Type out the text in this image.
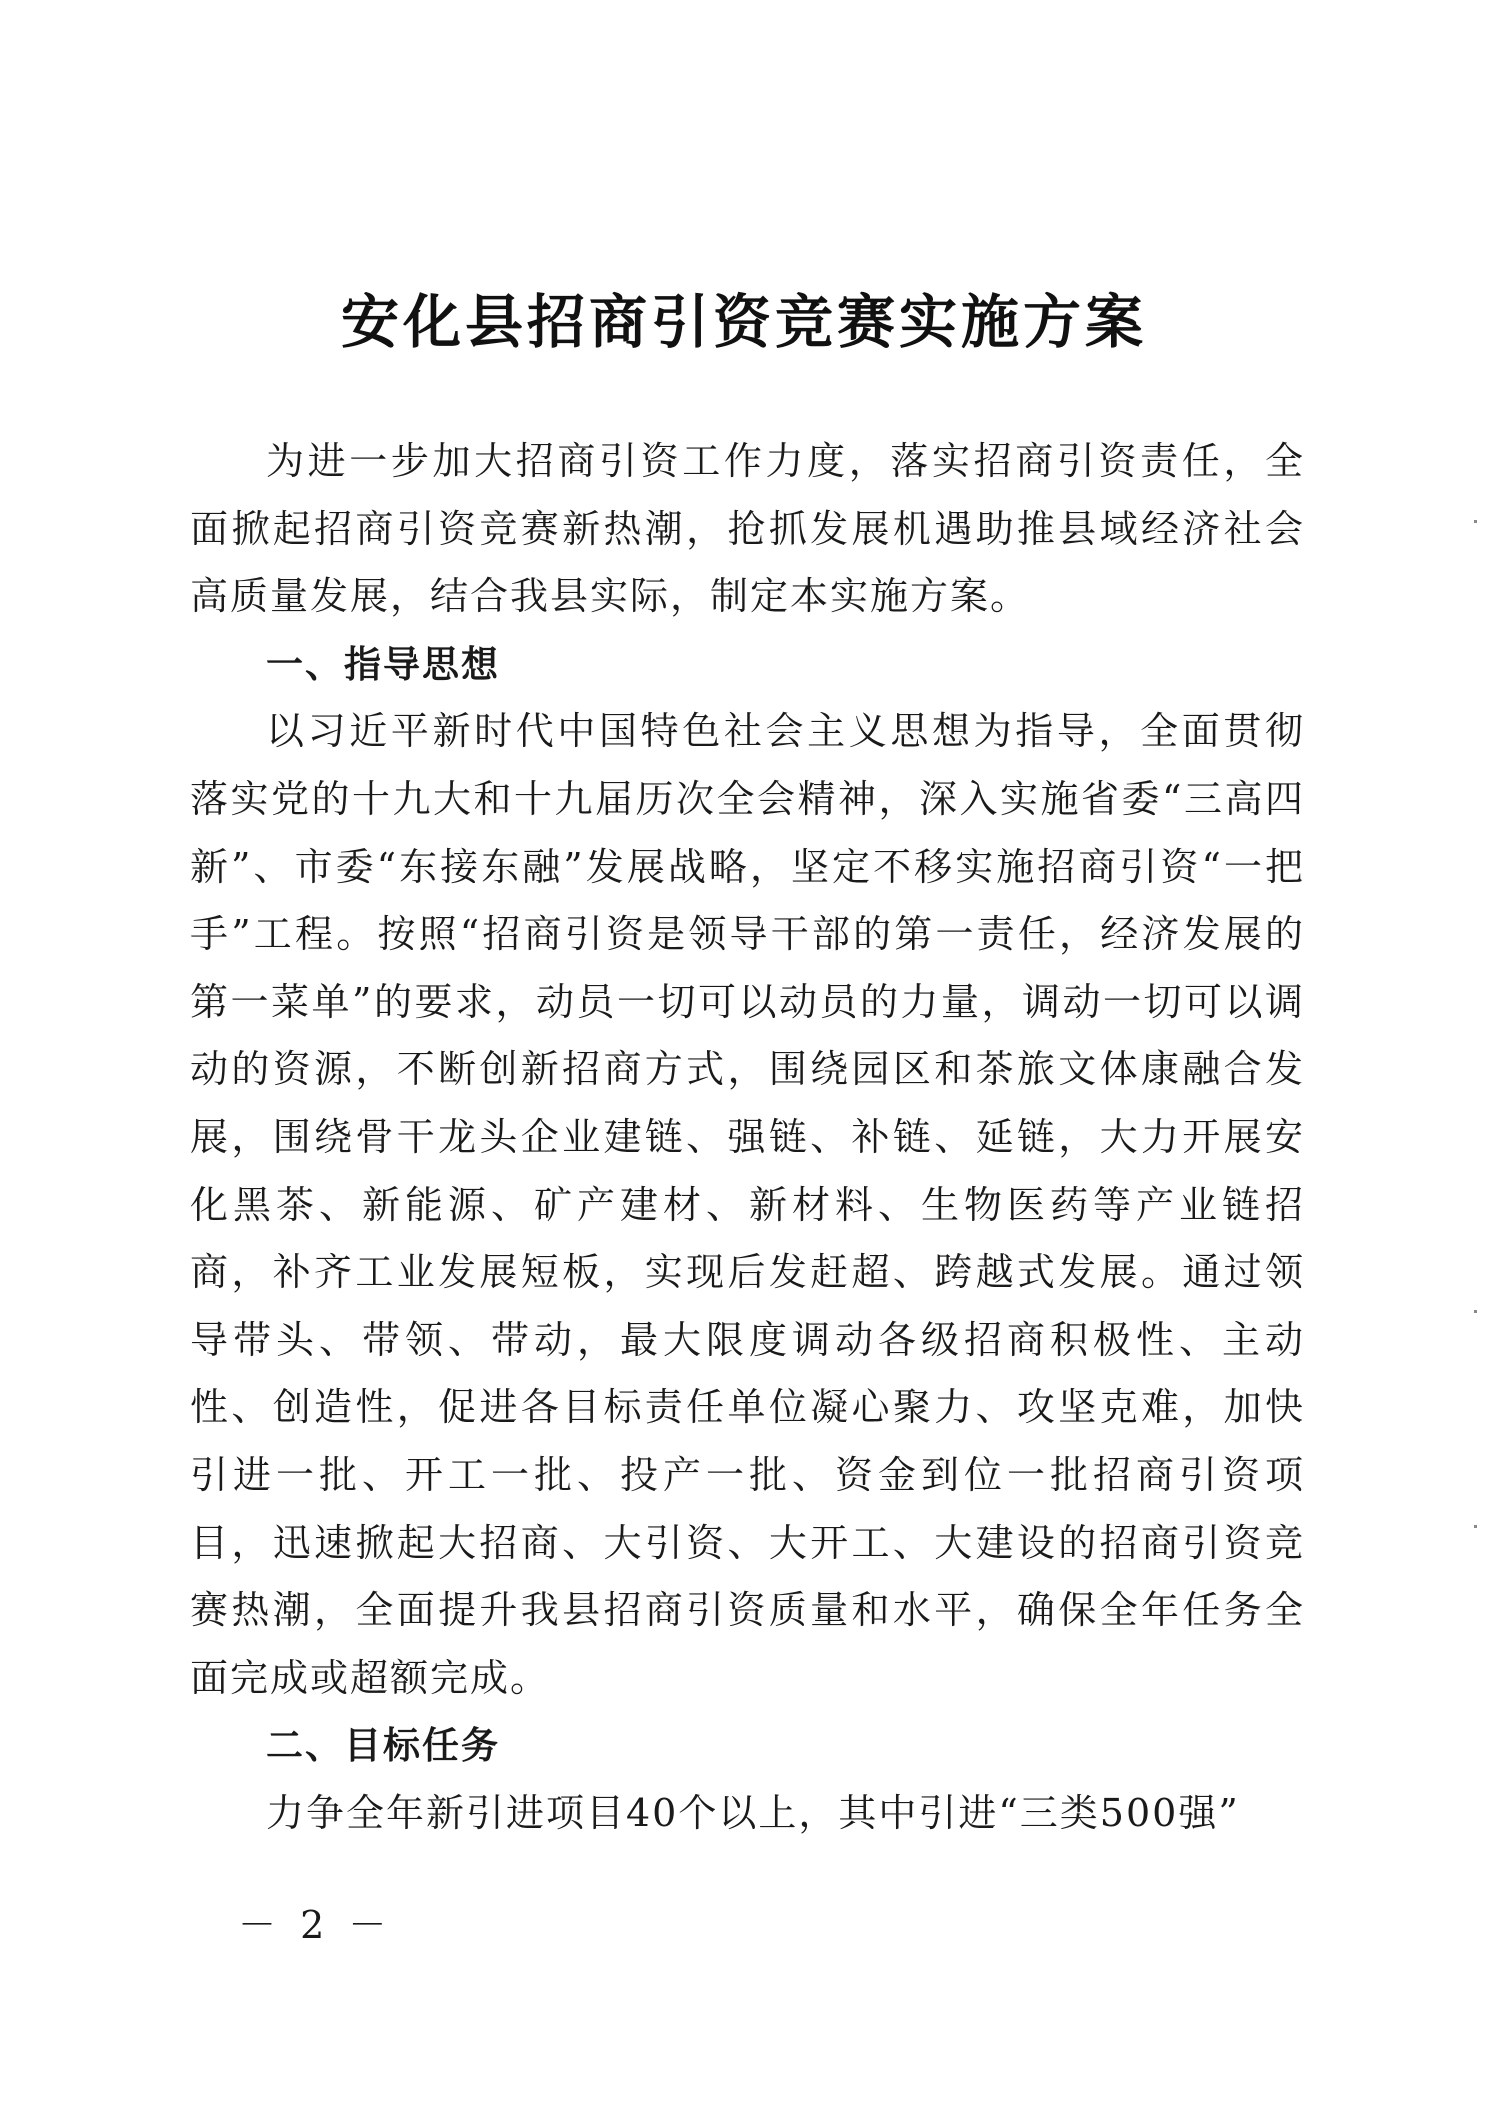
安化县招商引资竞赛实施方案

为进一步加大招商引资工作力度，落实招商引资责任，全面掀起招商引资竞赛新热潮，抢抓发展机遇助推县域经济社会高质量发展，结合我县实际，制定本实施方案。

一、指导思想

以习近平新时代中国特色社会主义思想为指导，全面贯彻落实党的十九大和十九届历次全会精神，深入实施省委“三高四新”、市委“东接东融”发展战略，坚定不移实施招商引资“一把手”工程。按照“招商引资是领导干部的第一责任，经济发展的第一菜单”的要求，动员一切可以动员的力量，调动一切可以调动的资源，不断创新招商方式，围绕园区和茶旅文体康融合发展，围绕骨干龙头企业建链、强链、补链、延链，大力开展安化黑茶、新能源、矿产建材、新材料、生物医药等产业链招商，补齐工业发展短板，实现后发赶超、跨越式发展。通过领导带头、带领、带动，最大限度调动各级招商积极性、主动性、创造性，促进各目标责任单位凝心聚力、攻坚克难，加快引进一批、开工一批、投产一批、资金到位一批招商引资项目，迅速掀起大招商、大引资、大开工、大建设的招商引资竞赛热潮，全面提升我县招商引资质量和水平，确保全年任务全面完成或超额完成。

二、目标任务

力争全年新引进项目40个以上，其中引进“三类500强”

－ 2 －
